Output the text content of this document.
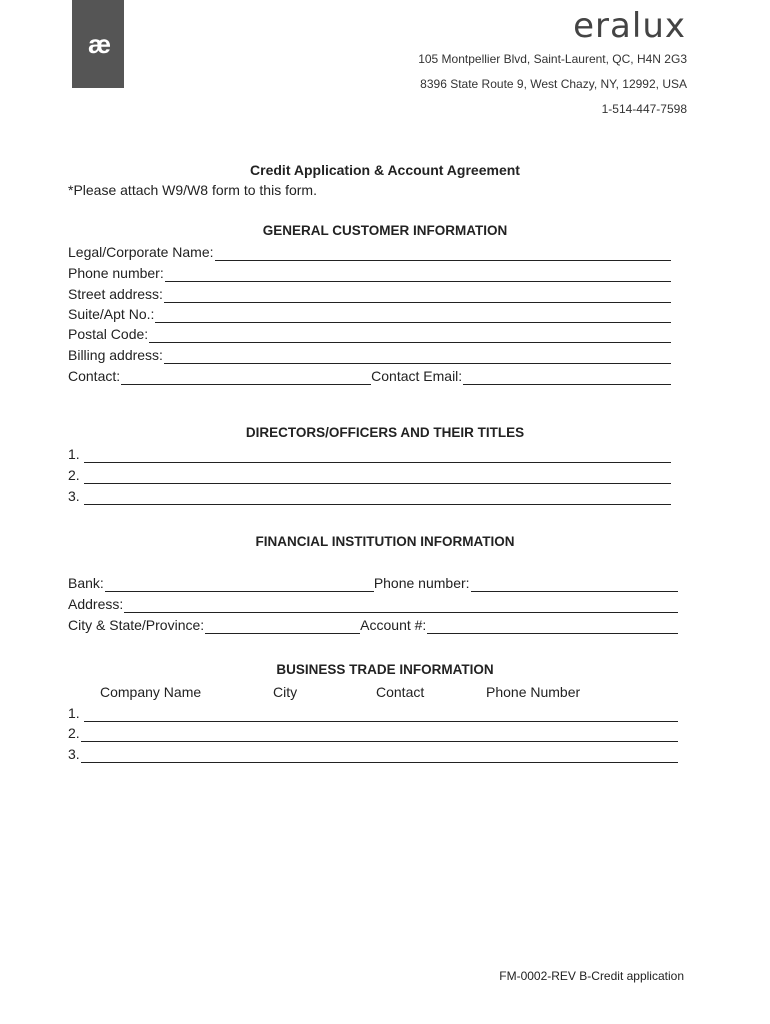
æ	eralux
105 Montpellier Blvd, Saint-Laurent, QC, H4N 2G3
8396 State Route 9, West Chazy, NY, 12992, USA
1-514-447-7598
Credit Application & Account Agreement
*Please attach W9/W8 form to this form.
GENERAL CUSTOMER INFORMATION
Legal/Corporate Name:
Phone number:
Street address:
Suite/Apt No.:
Postal Code:
Billing address:
Contact:	Contact Email:
DIRECTORS/OFFICERS AND THEIR TITLES
1.
2.
3.
FINANCIAL INSTITUTION INFORMATION
Bank:	Phone number:
Address:
City & State/Province:	Account #:
BUSINESS TRADE INFORMATION
Company Name	City	Contact	Phone Number
1.
2.
3.
FM-0002-REV B-Credit application
